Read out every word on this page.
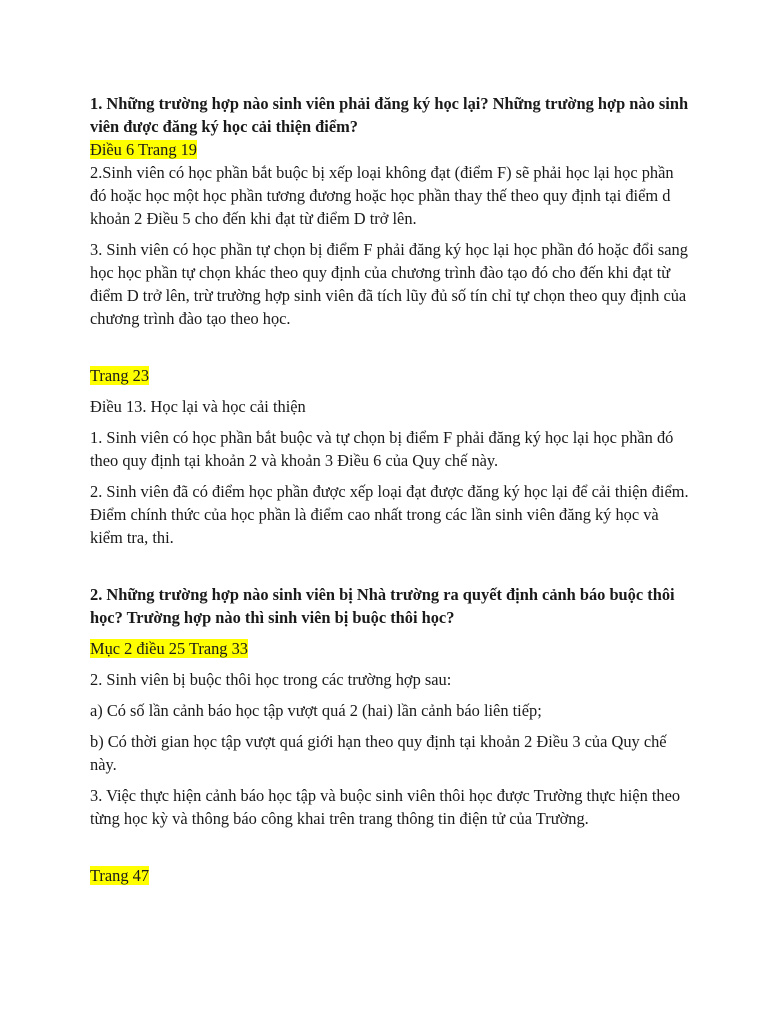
1. Những trường hợp nào sinh viên phải đăng ký học lại? Những trường hợp nào sinh viên được đăng ký học cải thiện điểm?

Điều 6 Trang 19

2.Sinh viên có học phần bắt buộc bị xếp loại không đạt (điểm F) sẽ phải học lại học phần đó hoặc học một học phần tương đương hoặc học phần thay thế theo quy định tại điểm d khoản 2 Điều 5 cho đến khi đạt từ điểm D trở lên.

3. Sinh viên có học phần tự chọn bị điểm F phải đăng ký học lại học phần đó hoặc đổi sang học học phần tự chọn khác theo quy định của chương trình đào tạo đó cho đến khi đạt từ điểm D trở lên, trừ trường hợp sinh viên đã tích lũy đủ số tín chỉ tự chọn theo quy định của chương trình đào tạo theo học.

Trang 23

Điều 13. Học lại và học cải thiện

1. Sinh viên có học phần bắt buộc và tự chọn bị điểm F phải đăng ký học lại học phần đó theo quy định tại khoản 2 và khoản 3 Điều 6 của Quy chế này.

2. Sinh viên đã có điểm học phần được xếp loại đạt được đăng ký học lại để cải thiện điểm. Điểm chính thức của học phần là điểm cao nhất trong các lần sinh viên đăng ký học và kiểm tra, thi.

2. Những trường hợp nào sinh viên bị Nhà trường ra quyết định cảnh báo buộc thôi học? Trường hợp nào thì sinh viên bị buộc thôi học?

Mục 2 điều 25 Trang 33

2. Sinh viên bị buộc thôi học trong các trường hợp sau:

a) Có số lần cảnh báo học tập vượt quá 2 (hai) lần cảnh báo liên tiếp;

b) Có thời gian học tập vượt quá giới hạn theo quy định tại khoản 2 Điều 3 của Quy chế này.

3. Việc thực hiện cảnh báo học tập và buộc sinh viên thôi học được Trường thực hiện theo từng học kỳ và thông báo công khai trên trang thông tin điện tử của Trường.

Trang 47
